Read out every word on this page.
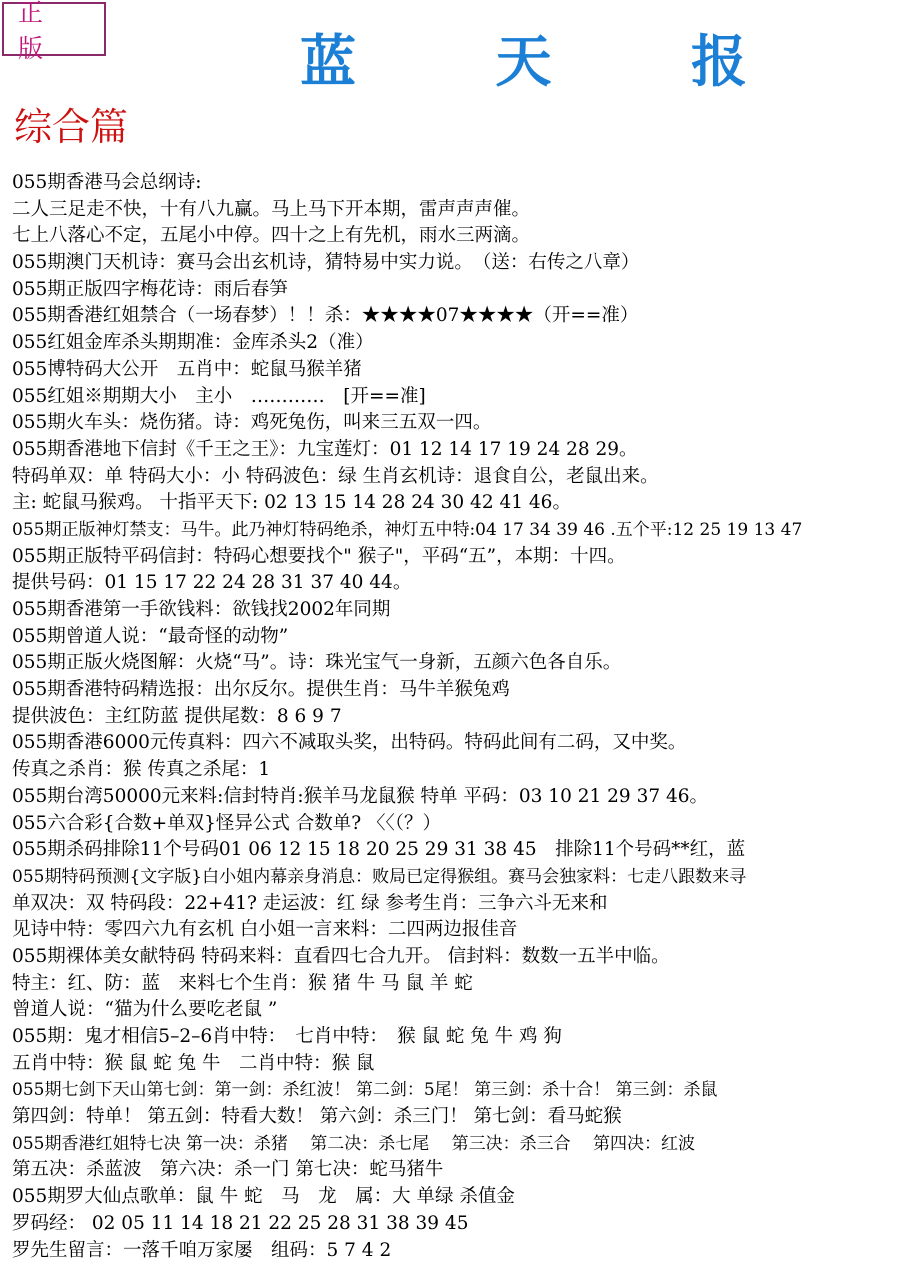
正 版	蓝 天 报
综合篇
055期香港马会总纲诗:
二人三足走不快，十有八九赢。马上马下开本期，雷声声声催。
七上八落心不定，五尾小中停。四十之上有先机，雨水三两滴。
055期澳门天机诗：赛马会出玄机诗，猜特易中实力说。　（送：右传之八章）
055期正版四字梅花诗：雨后春笋
055期香港红姐禁合（一场春梦）！！杀：★★★★07★★★★（开==准）
055红姐金库杀头期期准：金库杀头2（准）
055博特码大公开　五肖中：蛇鼠马猴羊猪
055红姐※期期大小　主小　…………　[开==准]
055期火车头：烧伤猪。诗：鸡死兔伤，叫来三五双一四。
055期香港地下信封《千王之王》：九宝莲灯：01 12 14 17 19 24 28 29。
特码单双：单 特码大小：小 特码波色：绿 生肖玄机诗：退食自公，老鼠出来。
主: 蛇鼠马猴鸡。 十指平天下: 02 13 15 14 28 24 30 42 41 46。
055期正版神灯禁支：马牛。此乃神灯特码绝杀，神灯五中特:04 17 34 39 46 .五个平:12 25 19 13 47
055期正版特平码信封：特码心想要找个" 猴子"，平码“五”，本期：十四。
提供号码：01 15 17 22 24 28 31 37 40 44。
055期香港第一手欲钱料：欲钱找2002年同期
055期曾道人说：“最奇怪的动物”
055期正版火烧图解：火烧“马”。诗：珠光宝气一身新，五颜六色各自乐。
055期香港特码精选报：出尔反尔。提供生肖：马牛羊猴兔鸡
提供波色：主红防蓝 提供尾数：8 6 9 7
055期香港6000元传真料：四六不减取头奖，出特码。特码此间有二码，又中奖。
传真之杀肖：猴 传真之杀尾：1
055期台湾50000元来料:信封特肖:猴羊马龙鼠猴 特单 平码：03 10 21 29 37 46。
055六合彩{合数+单双}怪异公式 合数单? 〈〈（？）
055期杀码排除11个号码01 06 12 15 18 20 25 29 31 38 45　排除11个号码**红，蓝
055期特码预测{文字版}白小姐内幕亲身消息：败局已定得猴组。赛马会独家料：七走八跟数来寻
单双决：双 特码段：22+41? 走运波：红 绿 参考生肖：三争六斗无来和
见诗中特：零四六九有玄机 白小姐一言来料：二四两边报佳音
055期裸体美女献特码 特码来料：直看四七合九开。 信封料：数数一五半中临。
特主：红、防：蓝　来料七个生肖：猴 猪 牛 马 鼠 羊 蛇
曾道人说：“猫为什么要吃老鼠 ”
055期：鬼才相信5–2–6肖中特：　七肖中特：　猴 鼠 蛇 兔 牛 鸡 狗
五肖中特：猴 鼠 蛇 兔 牛　二肖中特：猴 鼠
055期七剑下天山第七剑：第一剑：杀红波！ 第二剑：5尾！ 第三剑：杀十合！ 第三剑：杀鼠
第四剑：特单！ 第五剑：特看大数！ 第六剑：杀三门！ 第七剑：看马蛇猴
055期香港红姐特七决 第一决：杀猪　 第二决：杀七尾　 第三决：杀三合　 第四决：红波
第五决：杀蓝波　第六决：杀一门 第七决：蛇马猪牛
055期罗大仙点歌单：鼠 牛 蛇　马　龙　属：大 单绿 杀值金
罗码经： 02 05 11 14 18 21 22 25 28 31 38 39 45
罗先生留言：一落千咱万家屡　组码：5 7 4 2
